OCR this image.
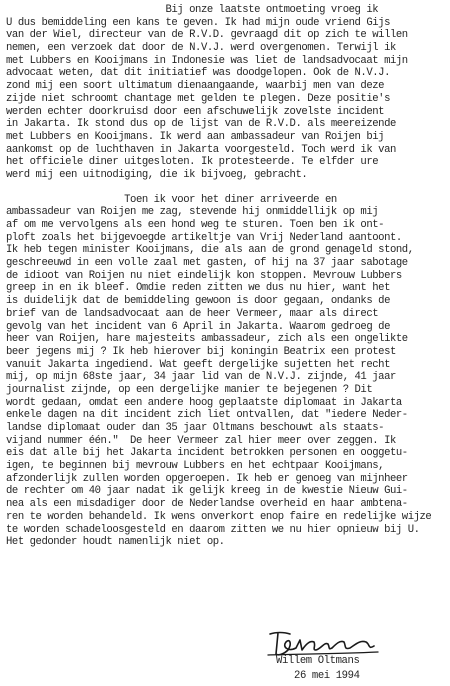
Bij onze laatste ontmoeting vroeg ik
U dus bemiddeling een kans te geven. Ik had mijn oude vriend Gijs
van der Wiel, directeur van de R.V.D. gevraagd dit op zich te willen
nemen, een verzoek dat door de N.V.J. werd overgenomen. Terwijl ik
met Lubbers en Kooijmans in Indonesie was liet de landsadvocaat mijn
advocaat weten, dat dit initiatief was doodgelopen. Ook de N.V.J.
zond mij een soort ultimatum dienaangaande, waarbij men van deze
zijde niet schroomt chantage met gelden te plegen. Deze positie's
werden echter doorkruisd door een afschuwelijk zovelste incident
in Jakarta. Ik stond dus op de lijst van de R.V.D. als meereizende
met Lubbers en Kooijmans. Ik werd aan ambassadeur van Roijen bij
aankomst op de luchthaven in Jakarta voorgesteld. Toch werd ik van
het officiele diner uitgesloten. Ik protesteerde. Te elfder ure
werd mij een uitnodiging, die ik bijvoeg, gebracht.
Toen ik voor het diner arriveerde en
ambassadeur van Roijen me zag, stevende hij onmiddellijk op mij
af om me vervolgens als een hond weg te sturen. Toen ben ik ont-
ploft zoals het bijgevoegde artikeltje van Vrij Nederland aantoont.
Ik heb tegen minister Kooijmans, die als aan de grond genageld stond,
geschreeuwd in een volle zaal met gasten, of hij na 37 jaar sabotage
de idioot van Roijen nu niet eindelijk kon stoppen. Mevrouw Lubbers
greep in en ik bleef. Omdie reden zitten we dus nu hier, want het
is duidelijk dat de bemiddeling gewoon is door gegaan, ondanks de
brief van de landsadvocaat aan de heer Vermeer, maar als direct
gevolg van het incident van 6 April in Jakarta. Waarom gedroeg de
heer van Roijen, hare majesteits ambassadeur, zich als een ongelikte
beer jegens mij ? Ik heb hierover bij koningin Beatrix een protest
vanuit Jakarta ingediend. Wat geeft dergelijke sujetten het recht
mij, op mijn 68ste jaar, 34 jaar lid van de N.V.J. zijnde, 41 jaar
journalist zijnde, op een dergelijke manier te bejegenen ? Dit
wordt gedaan, omdat een andere hoog geplaatste diplomaat in Jakarta
enkele dagen na dit incident zich liet ontvallen, dat "iedere Neder-
landse diplomaat ouder dan 35 jaar Oltmans beschouwt als staats-
vijand nummer één."  De heer Vermeer zal hier meer over zeggen. Ik
eis dat alle bij het Jakarta incident betrokken personen en ooggetu-
igen, te beginnen bij mevrouw Lubbers en het echtpaar Kooijmans,
afzonderlijk zullen worden opgeroepen. Ik heb er genoeg van mijnheer
de rechter om 40 jaar nadat ik gelijk kreeg in de kwestie Nieuw Gui-
nea als een misdadiger door de Nederlandse overheid en haar ambtena-
ren te worden behandeld. Ik wens onverkort enop faire en redelijke wijze
te worden schadeloosgesteld en daarom zitten we nu hier opnieuw bij U.
Het gedonder houdt namenlijk niet op.
Willem Oltmans
26 mei 1994
